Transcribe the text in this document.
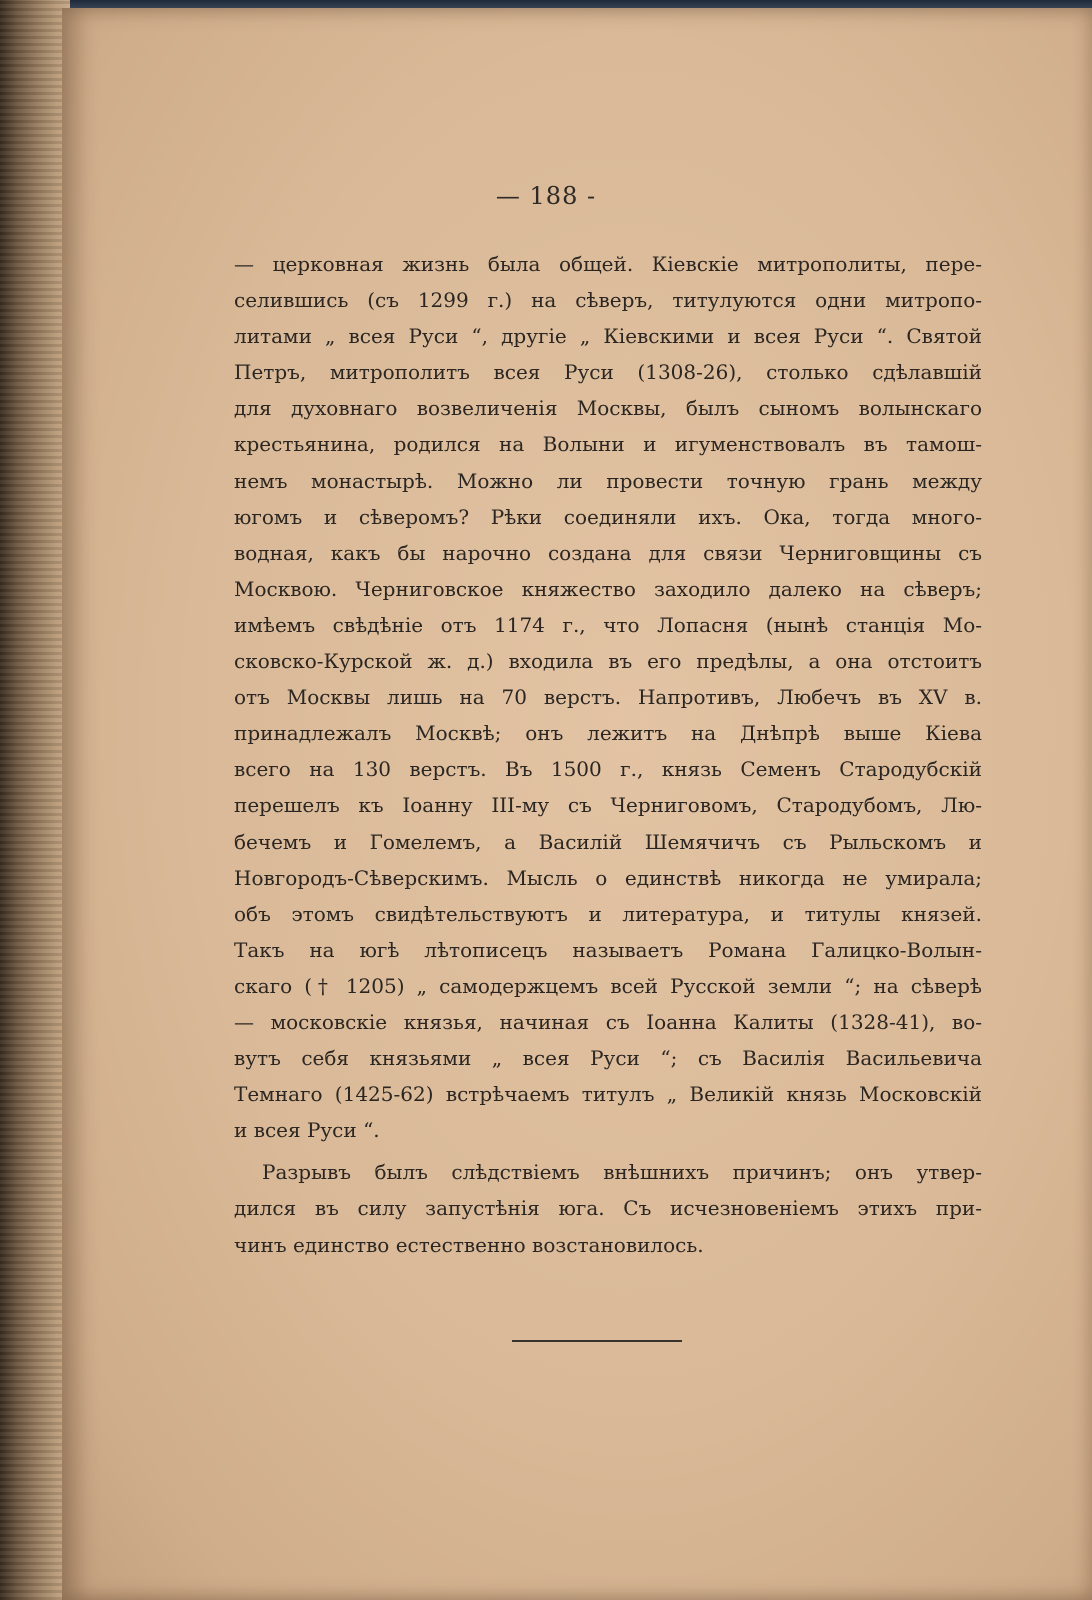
— 188 -
— церковная жизнь была общей. Кіевскіе митрополиты, пере-
селившись (съ 1299 г.) на сѣверъ, титулуются одни митропо-
литами „ всея Руси “, другіе „ Кіевскими и всея Руси “. Святой
Петръ, митрополитъ всея Руси (1308-26), столько сдѣлавшій
для духовнаго возвеличенія Москвы, былъ сыномъ волынскаго
крестьянина, родился на Волыни и игуменствовалъ въ тамош-
немъ монастырѣ. Можно ли провести точную грань между
югомъ и сѣверомъ? Рѣки соединяли ихъ. Ока, тогда много-
водная, какъ бы нарочно создана для связи Черниговщины съ
Москвою. Черниговское княжество заходило далеко на сѣверъ;
имѣемъ свѣдѣніе отъ 1174 г., что Лопасня (нынѣ станція Мо-
сковско-Курской ж. д.) входила въ его предѣлы, а она отстоитъ
отъ Москвы лишь на 70 верстъ. Напротивъ, Любечъ въ XV в.
принадлежалъ Москвѣ; онъ лежитъ на Днѣпрѣ выше Кіева
всего на 130 верстъ. Въ 1500 г., князь Семенъ Стародубскій
перешелъ къ Іоанну III-му съ Черниговомъ, Стародубомъ, Лю-
бечемъ и Гомелемъ, а Василій Шемячичъ съ Рыльскомъ и
Новгородъ-Сѣверскимъ. Мысль о единствѣ никогда не умирала;
объ этомъ свидѣтельствуютъ и литература, и титулы князей.
Такъ на югѣ лѣтописецъ называетъ Романа Галицко-Волын-
скаго († 1205) „ самодержцемъ всей Русской земли “; на сѣверѣ
— московскіе князья, начиная съ Іоанна Калиты (1328-41), во-
вутъ себя князьями „ всея Руси “; съ Василія Васильевича
Темнаго (1425-62) встрѣчаемъ титулъ „ Великій князь Московскій
и всея Руси “.
Разрывъ былъ слѣдствіемъ внѣшнихъ причинъ; онъ утвер-
дился въ силу запустѣнія юга. Съ исчезновеніемъ этихъ при-
чинъ единство естественно возстановилось.
